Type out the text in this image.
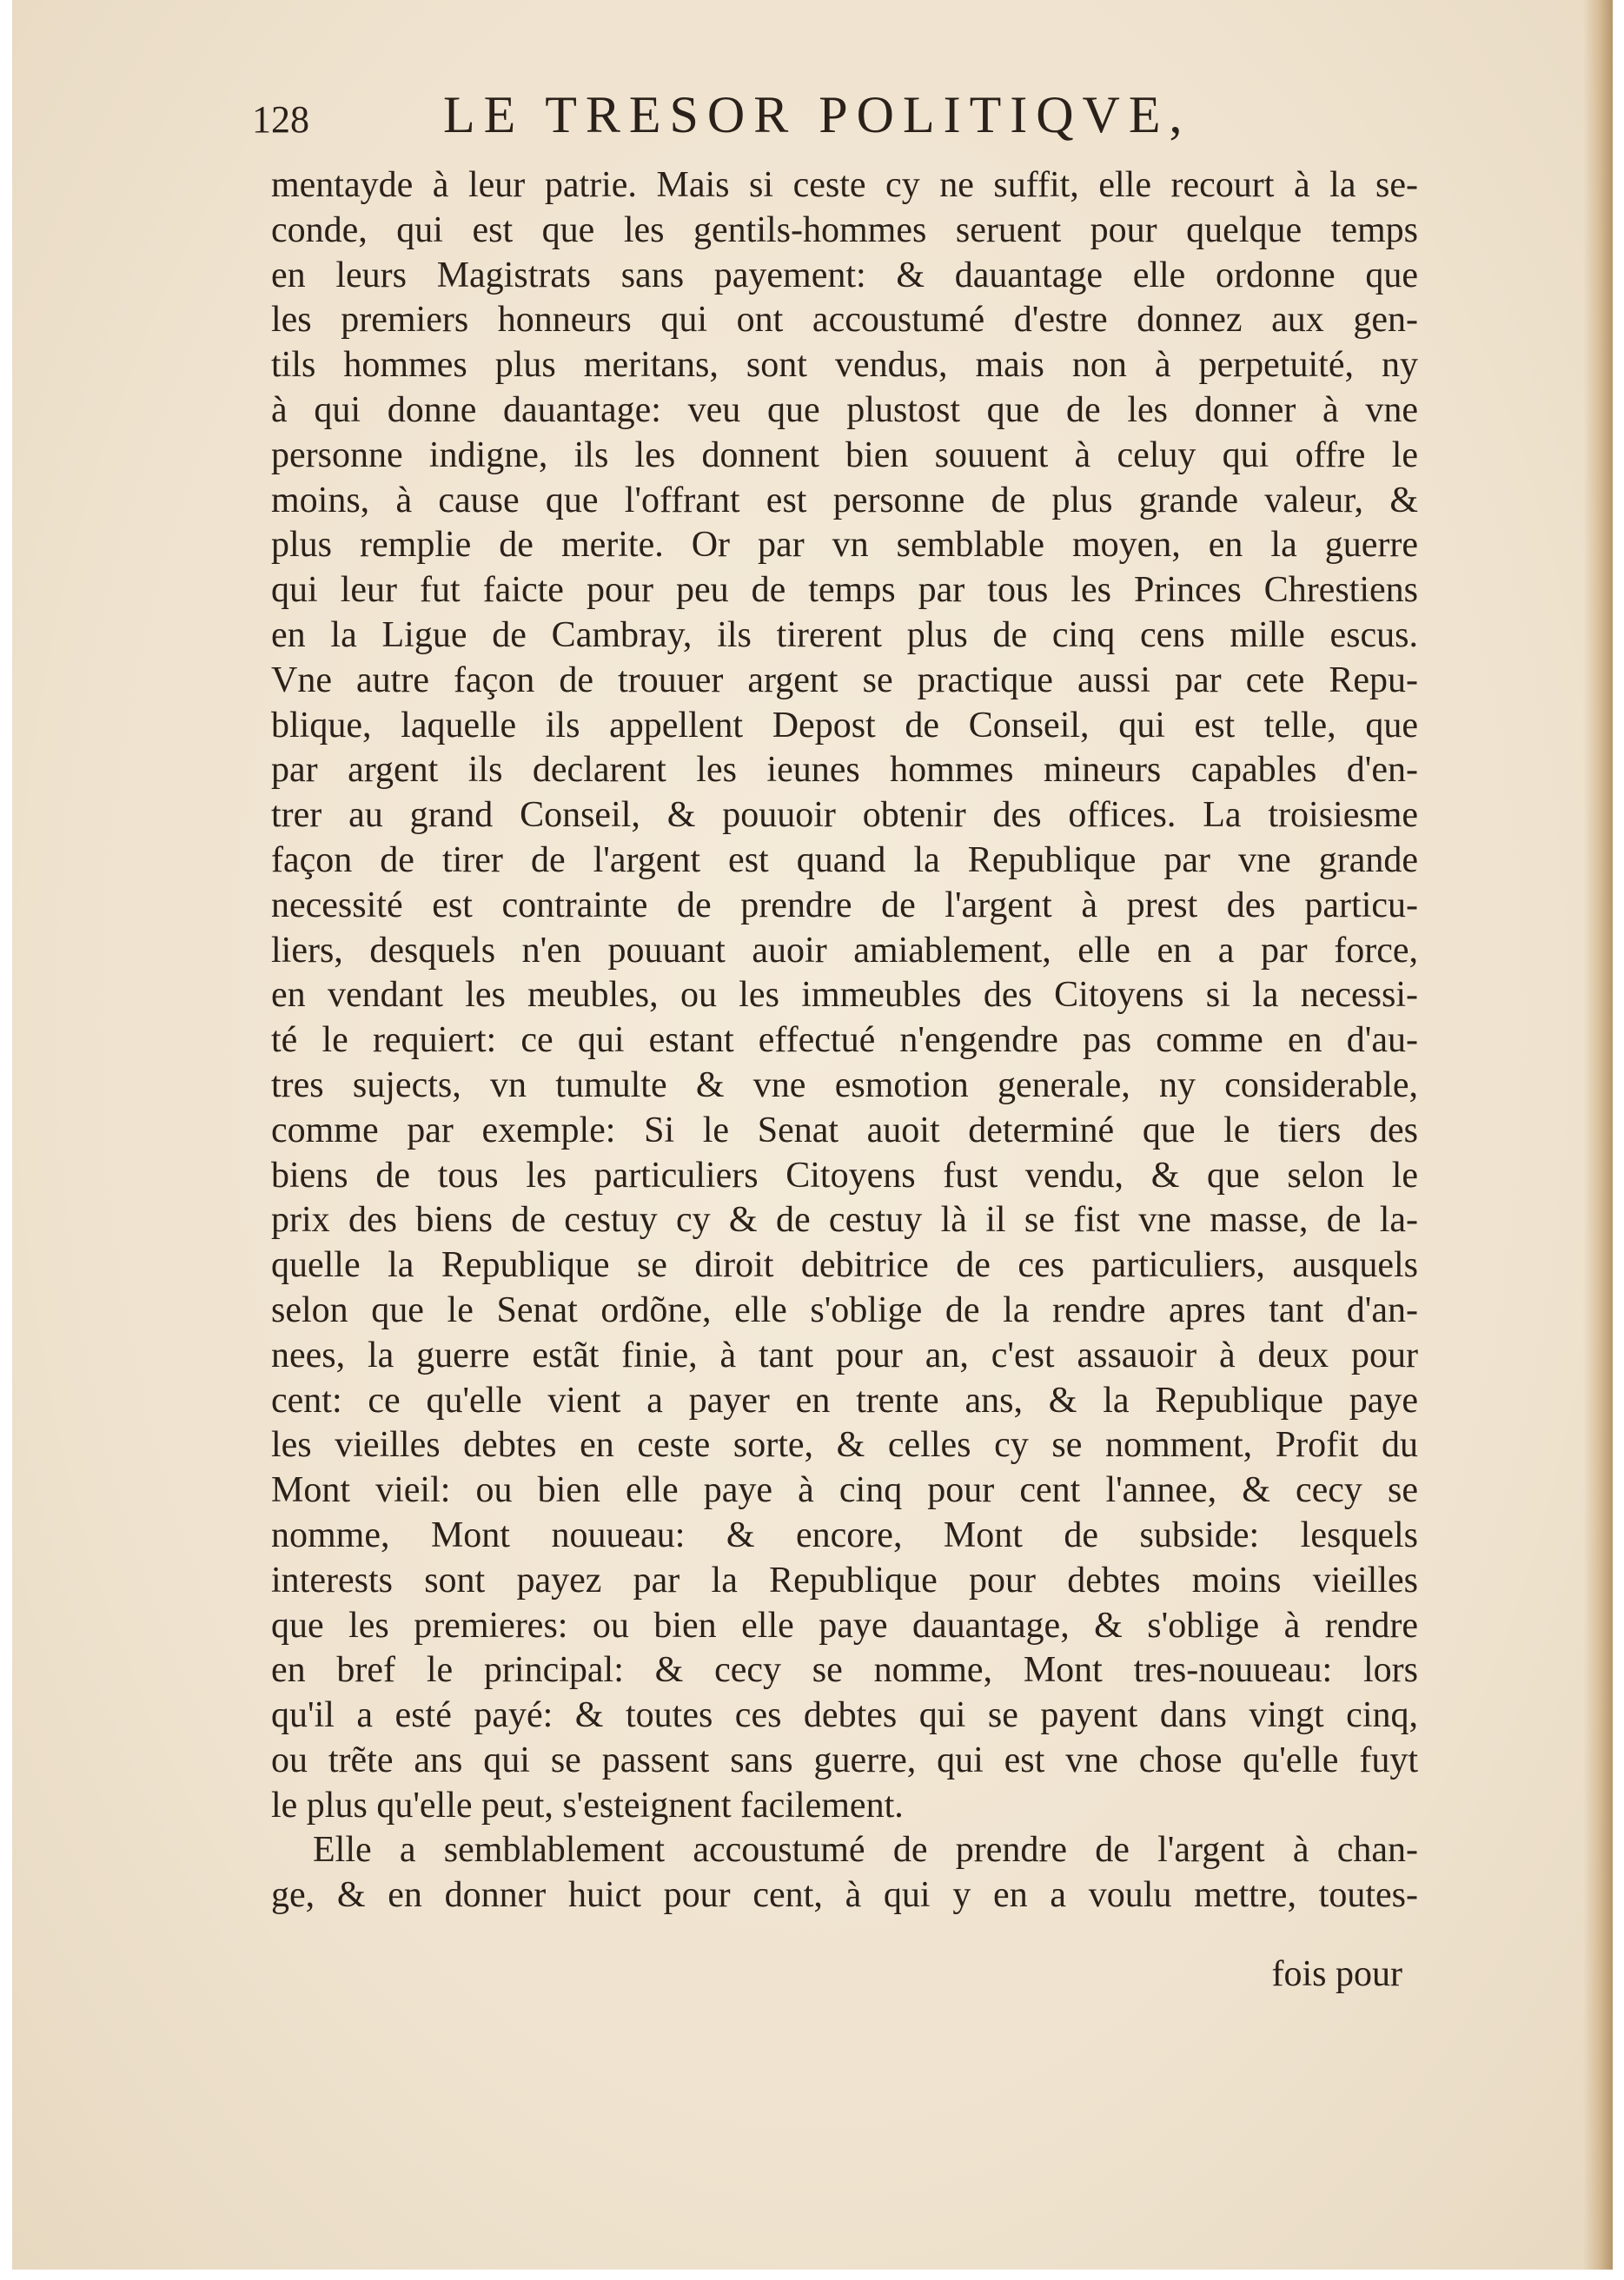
128	LE TRESOR POLITIQVE,
mentayde à leur patrie. Mais si ceste cy ne suffit, elle recourt à la se-
conde, qui est que les gentils-hommes seruent pour quelque temps
en leurs Magistrats sans payement: & dauantage elle ordonne que
les premiers honneurs qui ont accoustumé d'estre donnez aux gen-
tils hommes plus meritans, sont vendus, mais non à perpetuité, ny
à qui donne dauantage: veu que plustost que de les donner à vne
personne indigne, ils les donnent bien souuent à celuy qui offre le
moins, à cause que l'offrant est personne de plus grande valeur, &
plus remplie de merite. Or par vn semblable moyen, en la guerre
qui leur fut faicte pour peu de temps par tous les Princes Chrestiens
en la Ligue de Cambray, ils tirerent plus de cinq cens mille escus.
Vne autre façon de trouuer argent se practique aussi par cete Repu-
blique, laquelle ils appellent Depost de Conseil, qui est telle, que
par argent ils declarent les ieunes hommes mineurs capables d'en-
trer au grand Conseil, & pouuoir obtenir des offices. La troisiesme
façon de tirer de l'argent est quand la Republique par vne grande
necessité est contrainte de prendre de l'argent à prest des particu-
liers, desquels n'en pouuant auoir amiablement, elle en a par force,
en vendant les meubles, ou les immeubles des Citoyens si la necessi-
té le requiert: ce qui estant effectué n'engendre pas comme en d'au-
tres sujects, vn tumulte & vne esmotion generale, ny considerable,
comme par exemple: Si le Senat auoit determiné que le tiers des
biens de tous les particuliers Citoyens fust vendu, & que selon le
prix des biens de cestuy cy & de cestuy là il se fist vne masse, de la-
quelle la Republique se diroit debitrice de ces particuliers, ausquels
selon que le Senat ordõne, elle s'oblige de la rendre apres tant d'an-
nees, la guerre estãt finie, à tant pour an, c'est assauoir à deux pour
cent: ce qu'elle vient a payer en trente ans, & la Republique paye
les vieilles debtes en ceste sorte, & celles cy se nomment, Profit du
Mont vieil: ou bien elle paye à cinq pour cent l'annee, & cecy se
nomme, Mont nouueau: & encore, Mont de subside: lesquels
interests sont payez par la Republique pour debtes moins vieilles
que les premieres: ou bien elle paye dauantage, & s'oblige à rendre
en bref le principal: & cecy se nomme, Mont tres-nouueau: lors
qu'il a esté payé: & toutes ces debtes qui se payent dans vingt cinq,
ou trẽte ans qui se passent sans guerre, qui est vne chose qu'elle fuyt
le plus qu'elle peut, s'esteignent facilement.
Elle a semblablement accoustumé de prendre de l'argent à chan-
ge, & en donner huict pour cent, à qui y en a voulu mettre, toutes-
fois pour
